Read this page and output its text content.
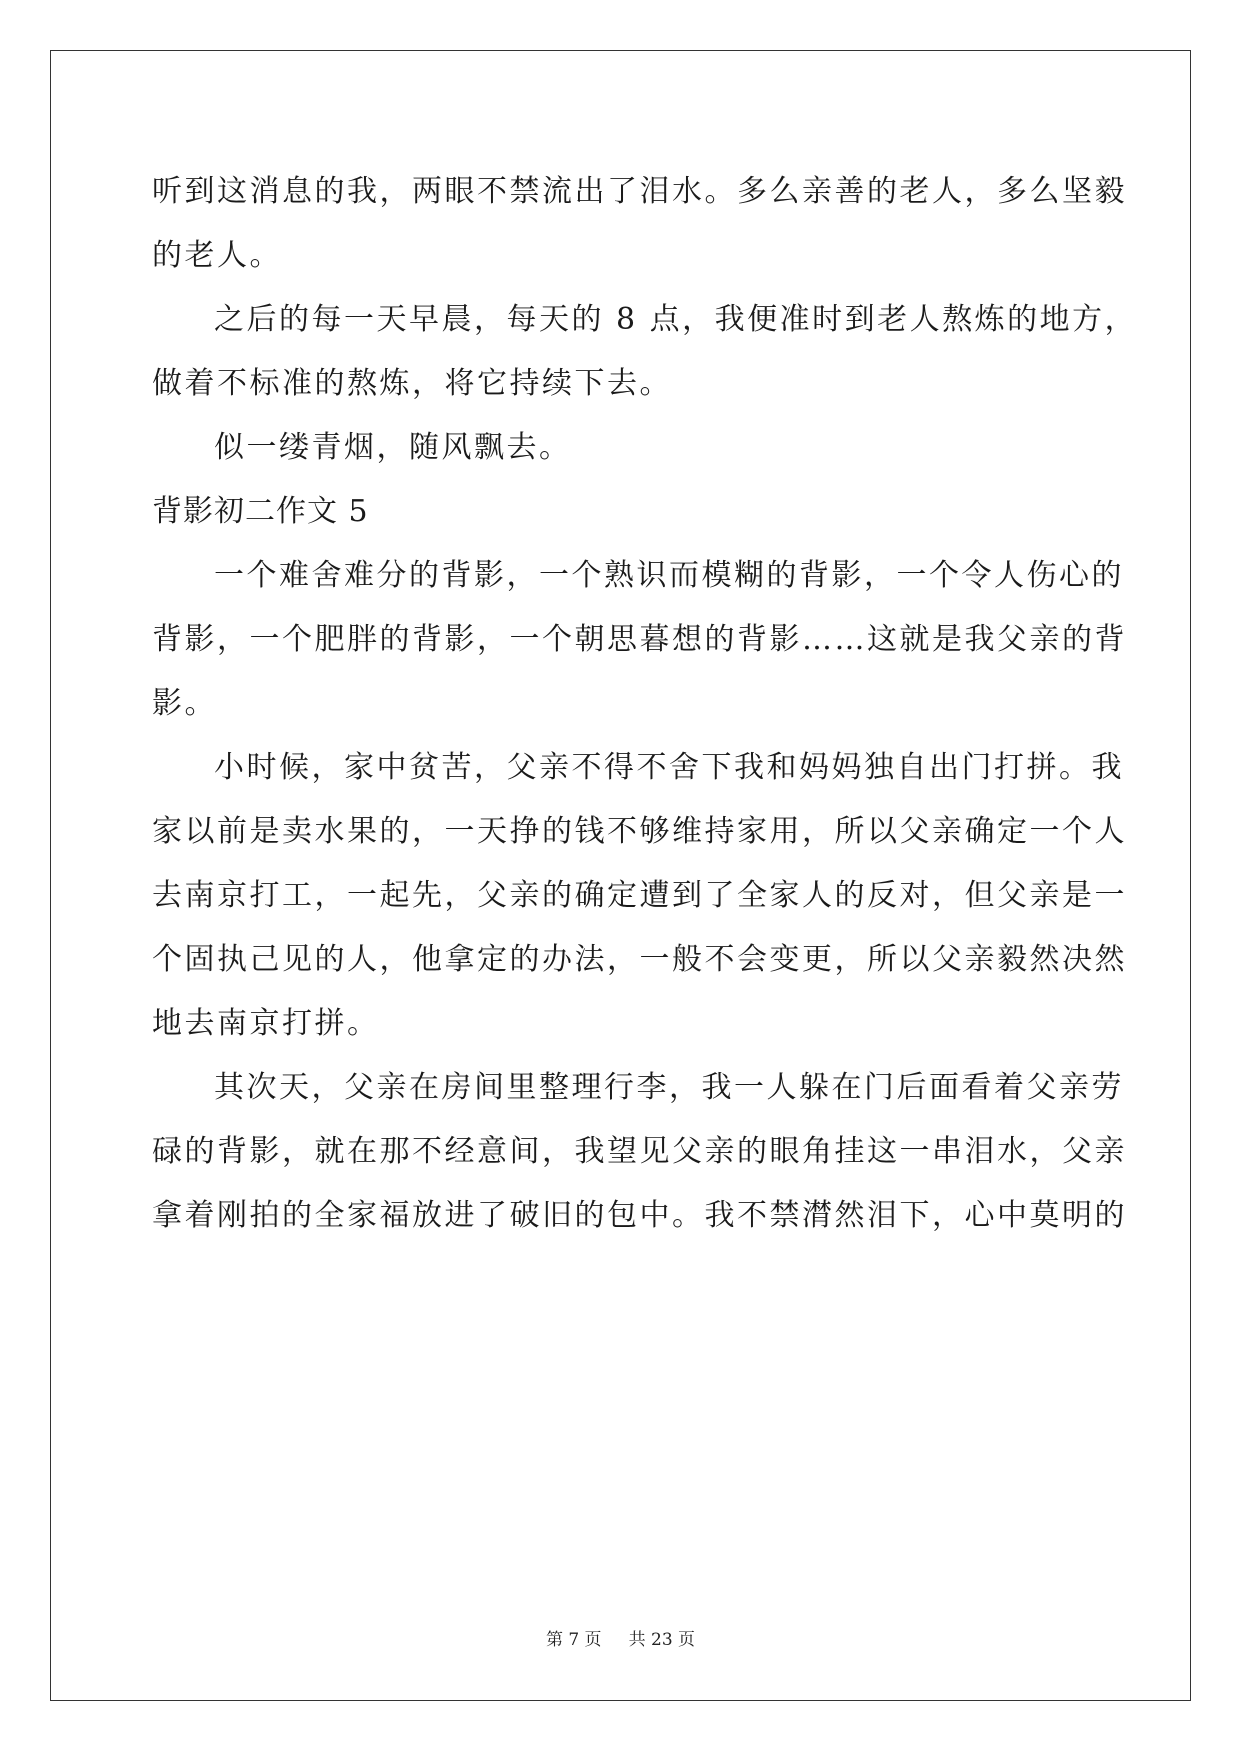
听到这消息的我，两眼不禁流出了泪水。多么亲善的老人，多么坚毅
的老人。
之后的每一天早晨，每天的 8 点，我便准时到老人熬炼的地方，
做着不标准的熬炼，将它持续下去。
似一缕青烟，随风飘去。
背影初二作文 5
一个难舍难分的背影，一个熟识而模糊的背影，一个令人伤心的
背影，一个肥胖的背影，一个朝思暮想的背影……这就是我父亲的背
影。
小时候，家中贫苦，父亲不得不舍下我和妈妈独自出门打拼。我
家以前是卖水果的，一天挣的钱不够维持家用，所以父亲确定一个人
去南京打工，一起先，父亲的确定遭到了全家人的反对，但父亲是一
个固执己见的人，他拿定的办法，一般不会变更，所以父亲毅然决然
地去南京打拼。
其次天，父亲在房间里整理行李，我一人躲在门后面看着父亲劳
碌的背影，就在那不经意间，我望见父亲的眼角挂这一串泪水，父亲
拿着刚拍的全家福放进了破旧的包中。我不禁潸然泪下，心中莫明的
第 7 页 共 23 页
